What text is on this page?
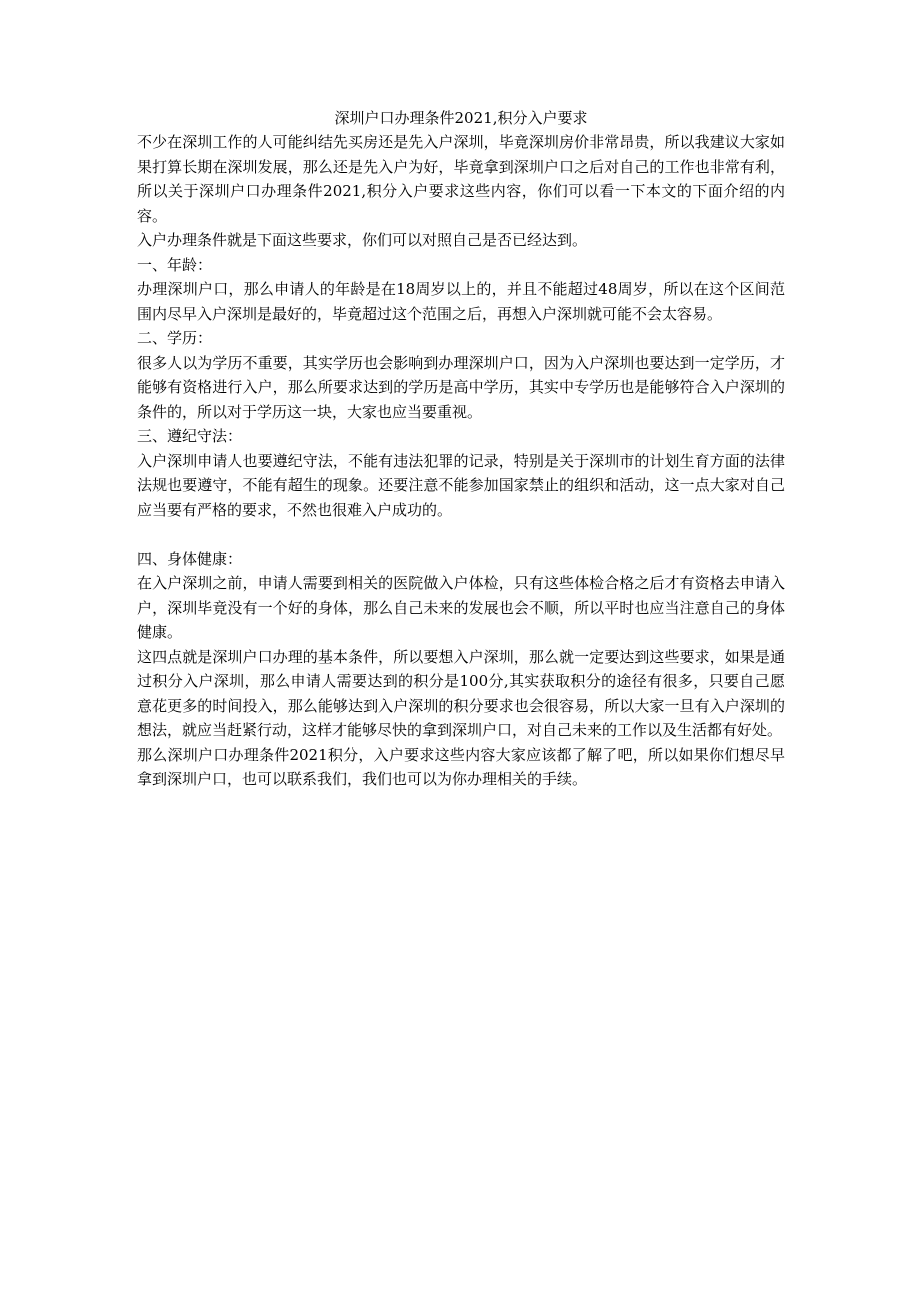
深圳户口办理条件2021,积分入户要求

不少在深圳工作的人可能纠结先买房还是先入户深圳，毕竟深圳房价非常昂贵，所以我建议大家如果打算长期在深圳发展，那么还是先入户为好，毕竟拿到深圳户口之后对自己的工作也非常有利，所以关于深圳户口办理条件2021,积分入户要求这些内容，你们可以看一下本文的下面介绍的内容。

入户办理条件就是下面这些要求，你们可以对照自己是否已经达到。

一、年龄：

办理深圳户口，那么申请人的年龄是在18周岁以上的，并且不能超过48周岁，所以在这个区间范围内尽早入户深圳是最好的，毕竟超过这个范围之后，再想入户深圳就可能不会太容易。

二、学历：

很多人以为学历不重要，其实学历也会影响到办理深圳户口，因为入户深圳也要达到一定学历，才能够有资格进行入户，那么所要求达到的学历是高中学历，其实中专学历也是能够符合入户深圳的条件的，所以对于学历这一块，大家也应当要重视。

三、遵纪守法：

入户深圳申请人也要遵纪守法，不能有违法犯罪的记录，特别是关于深圳市的计划生育方面的法律法规也要遵守，不能有超生的现象。还要注意不能参加国家禁止的组织和活动，这一点大家对自己应当要有严格的要求，不然也很难入户成功的。

四、身体健康：

在入户深圳之前，申请人需要到相关的医院做入户体检，只有这些体检合格之后才有资格去申请入户，深圳毕竟没有一个好的身体，那么自己未来的发展也会不顺，所以平时也应当注意自己的身体健康。

这四点就是深圳户口办理的基本条件，所以要想入户深圳，那么就一定要达到这些要求，如果是通过积分入户深圳，那么申请人需要达到的积分是100分,其实获取积分的途径有很多，只要自己愿意花更多的时间投入，那么能够达到入户深圳的积分要求也会很容易，所以大家一旦有入户深圳的想法，就应当赶紧行动，这样才能够尽快的拿到深圳户口，对自己未来的工作以及生活都有好处。

那么深圳户口办理条件2021积分，入户要求这些内容大家应该都了解了吧，所以如果你们想尽早拿到深圳户口，也可以联系我们，我们也可以为你办理相关的手续。
